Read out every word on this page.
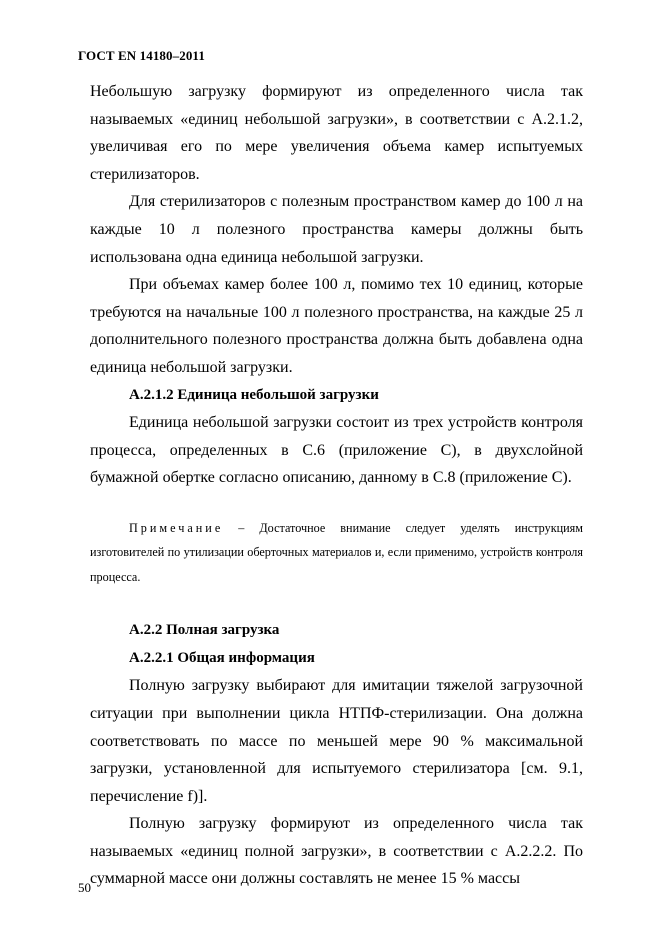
ГОСТ EN 14180–2011

Небольшую загрузку формируют из определенного числа так называемых «единиц небольшой загрузки», в соответствии с А.2.1.2, увеличивая его по мере увеличения объема камер испытуемых стерилизаторов.

Для стерилизаторов с полезным пространством камер до 100 л на каждые 10 л полезного пространства камеры должны быть использована одна единица небольшой загрузки.

При объемах камер более 100 л, помимо тех 10 единиц, которые требуются на начальные 100 л полезного пространства, на каждые 25 л дополнительного полезного пространства должна быть добавлена одна единица небольшой загрузки.

А.2.1.2 Единица небольшой загрузки

Единица небольшой загрузки состоит из трех устройств контроля процесса, определенных в С.6 (приложение С), в двухслойной бумажной обертке согласно описанию, данному в С.8 (приложение С).

Примечание – Достаточное внимание следует уделять инструкциям изготовителей по утилизации оберточных материалов и, если применимо, устройств контроля процесса.

А.2.2 Полная загрузка

А.2.2.1 Общая информация

Полную загрузку выбирают для имитации тяжелой загрузочной ситуации при выполнении цикла НТПФ-стерилизации. Она должна соответствовать по массе по меньшей мере 90 % максимальной загрузки, установленной для испытуемого стерилизатора [см. 9.1, перечисление f)].

Полную загрузку формируют из определенного числа так называемых «единиц полной загрузки», в соответствии с А.2.2.2. По суммарной массе они должны составлять не менее 15 % массы

50
